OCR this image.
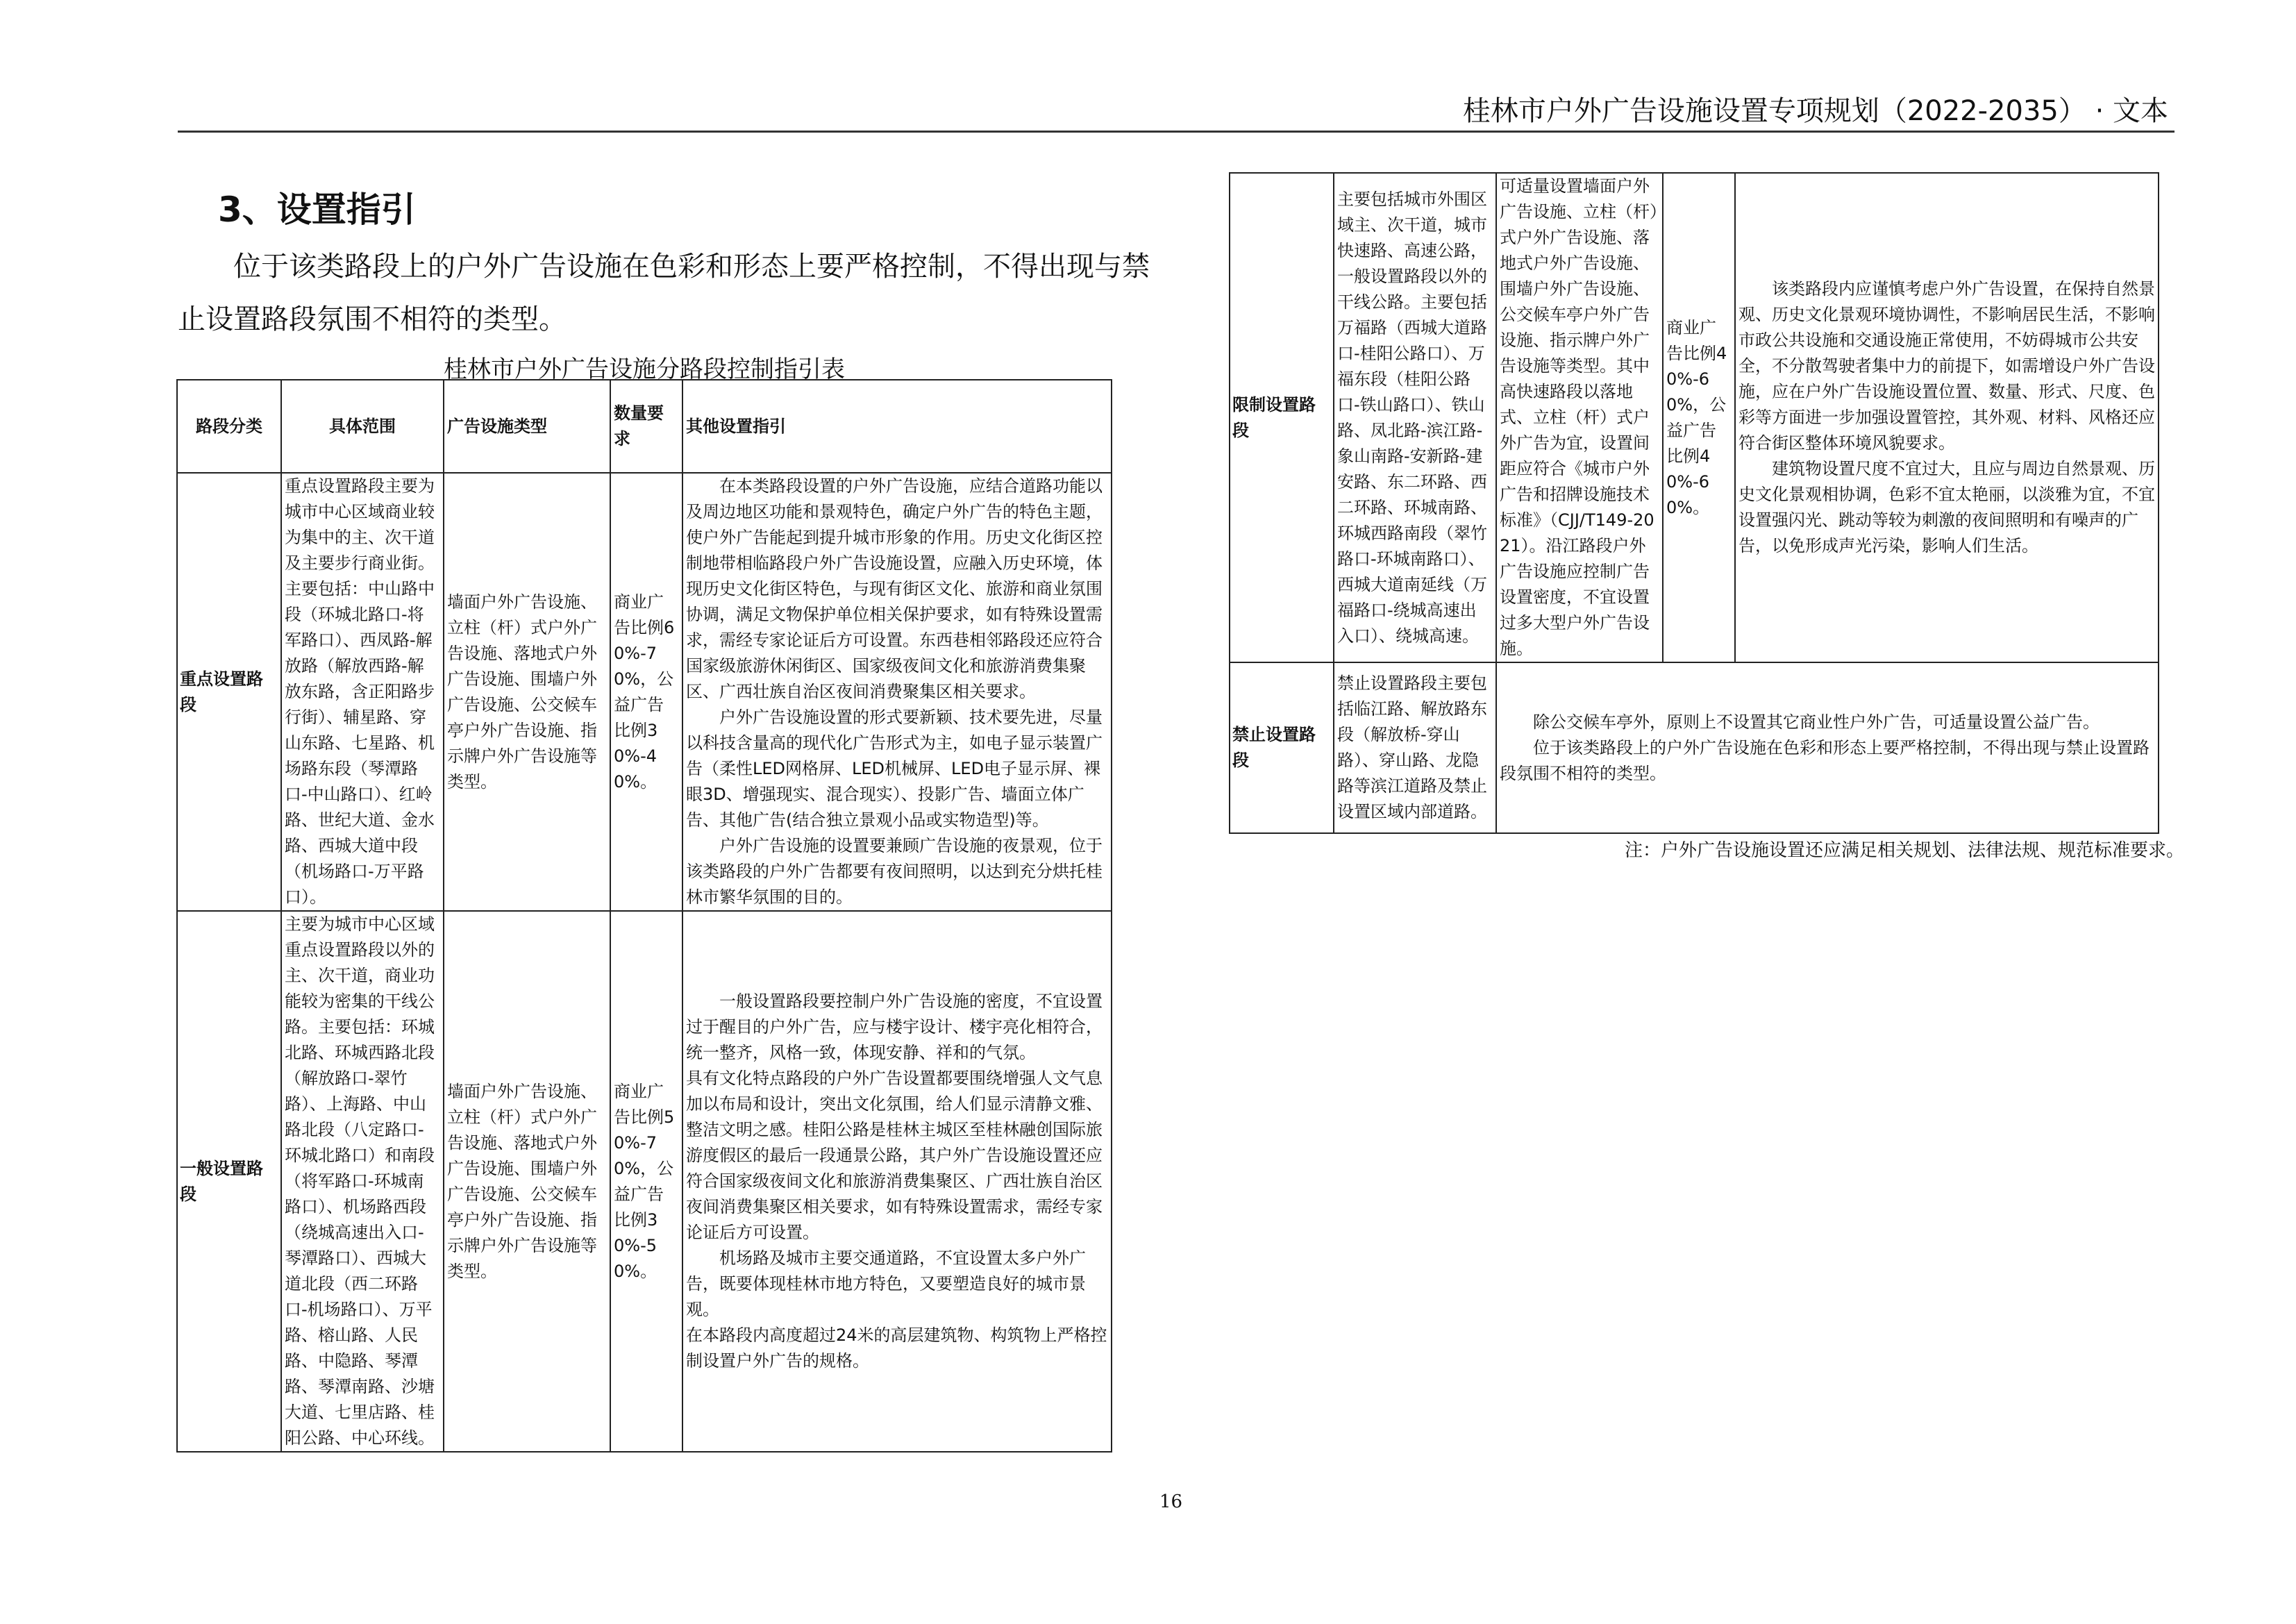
桂林市户外广告设施设置专项规划（2022-2035） · 文本
3、设置指引

位于该类路段上的户外广告设施在色彩和形态上要严格控制，不得出现与禁止设置路段氛围不相符的类型。

桂林市户外广告设施分路段控制指引表
路段分类	具体范围	广告设施类型	数量要求	其他设置指引
重点设置路段	重点设置路段主要为城市中心区域商业较为集中的主、次干道及主要步行商业街。主要包括：中山路中段（环城北路口-将军路口）、西凤路-解放路（解放西路-解放东路，含正阳路步行街）、辅星路、穿山东路、七星路、机场路东段（琴潭路口-中山路口）、红岭路、世纪大道、金水路、西城大道中段（机场路口-万平路口）。	墙面户外广告设施、立柱（杆）式户外广告设施、落地式户外广告设施、围墙户外广告设施、公交候车亭户外广告设施、指示牌户外广告设施等类型。	商业广告比例60%-70%，公益广告比例30%-40%。	在本类路段设置的户外广告设施，应结合道路功能以及周边地区功能和景观特色，确定户外广告的特色主题，使户外广告能起到提升城市形象的作用。历史文化街区控制地带相临路段户外广告设施设置，应融入历史环境，体现历史文化街区特色，与现有街区文化、旅游和商业氛围协调，满足文物保护单位相关保护要求，如有特殊设置需求，需经专家论证后方可设置。东西巷相邻路段还应符合国家级旅游休闲街区、国家级夜间文化和旅游消费集聚区、广西壮族自治区夜间消费聚集区相关要求。

户外广告设施设置的形式要新颖、技术要先进，尽量以科技含量高的现代化广告形式为主，如电子显示装置广告（柔性LED网格屏、LED机械屏、LED电子显示屏、裸眼3D、增强现实、混合现实）、投影广告、墙面立体广告、其他广告(结合独立景观小品或实物造型)等。

户外广告设施的设置要兼顾广告设施的夜景观，位于该类路段的户外广告都要有夜间照明，以达到充分烘托桂林市繁华氛围的目的。

一般设置路段	主要为城市中心区域重点设置路段以外的主、次干道，商业功能较为密集的干线公路。主要包括：环城北路、环城西路北段（解放路口-翠竹路）、上海路、中山路北段（八定路口-环城北路口）和南段（将军路口-环城南路口）、机场路西段（绕城高速出入口-琴潭路口）、西城大道北段（西二环路口-机场路口）、万平路、榕山路、人民路、中隐路、琴潭路、琴潭南路、沙塘大道、七里店路、桂阳公路、中心环线。	墙面户外广告设施、立柱（杆）式户外广告设施、落地式户外广告设施、围墙户外广告设施、公交候车亭户外广告设施、指示牌户外广告设施等类型。	商业广告比例50%-70%，公益广告比例30%-50%。	一般设置路段要控制户外广告设施的密度，不宜设置过于醒目的户外广告，应与楼宇设计、楼宇亮化相符合，统一整齐，风格一致，体现安静、祥和的气氛。

具有文化特点路段的户外广告设置都要围绕增强人文气息加以布局和设计，突出文化氛围，给人们显示清静文雅、整洁文明之感。桂阳公路是桂林主城区至桂林融创国际旅游度假区的最后一段通景公路，其户外广告设施设置还应符合国家级夜间文化和旅游消费集聚区、广西壮族自治区夜间消费集聚区相关要求，如有特殊设置需求，需经专家论证后方可设置。

机场路及城市主要交通道路，不宜设置太多户外广告，既要体现桂林市地方特色，又要塑造良好的城市景观。

在本路段内高度超过24米的高层建筑物、构筑物上严格控制设置户外广告的规格。

限制设置路段	主要包括城市外围区域主、次干道，城市快速路、高速公路，一般设置路段以外的干线公路。主要包括万福路（西城大道路口-桂阳公路口）、万福东段（桂阳公路口-铁山路口）、铁山路、凤北路-滨江路-象山南路-安新路-建安路、东二环路、西二环路、环城南路、环城西路南段（翠竹路口-环城南路口）、西城大道南延线（万福路口-绕城高速出入口）、绕城高速。	可适量设置墙面户外广告设施、立柱（杆）式户外广告设施、落地式户外广告设施、围墙户外广告设施、公交候车亭户外广告设施、指示牌户外广告设施等类型。其中高快速路段以落地式、立柱（杆）式户外广告为宜，设置间距应符合《城市户外广告和招牌设施技术标准》（CJJ/T149-2021）。沿江路段户外广告设施应控制广告设置密度，不宜设置过多大型户外广告设施。	商业广告比例40%-60%，公益广告比例40%-60%。	该类路段内应谨慎考虑户外广告设置，在保持自然景观、历史文化景观环境协调性，不影响居民生活，不影响市政公共设施和交通设施正常使用，不妨碍城市公共安全，不分散驾驶者集中力的前提下，如需增设户外广告设施，应在户外广告设施设置位置、数量、形式、尺度、色彩等方面进一步加强设置管控，其外观、材料、风格还应符合街区整体环境风貌要求。

建筑物设置尺度不宜过大，且应与周边自然景观、历史文化景观相协调，色彩不宜太艳丽，以淡雅为宜，不宜设置强闪光、跳动等较为刺激的夜间照明和有噪声的广告，以免形成声光污染，影响人们生活。

禁止设置路段	禁止设置路段主要包括临江路、解放路东段（解放桥-穿山路）、穿山路、龙隐路等滨江道路及禁止设置区域内部道路。	除公交候车亭外，原则上不设置其它商业性户外广告，可适量设置公益广告。

位于该类路段上的户外广告设施在色彩和形态上要严格控制，不得出现与禁止设置路段氛围不相符的类型。		

注：户外广告设施设置还应满足相关规划、法律法规、规范标准要求。
16
